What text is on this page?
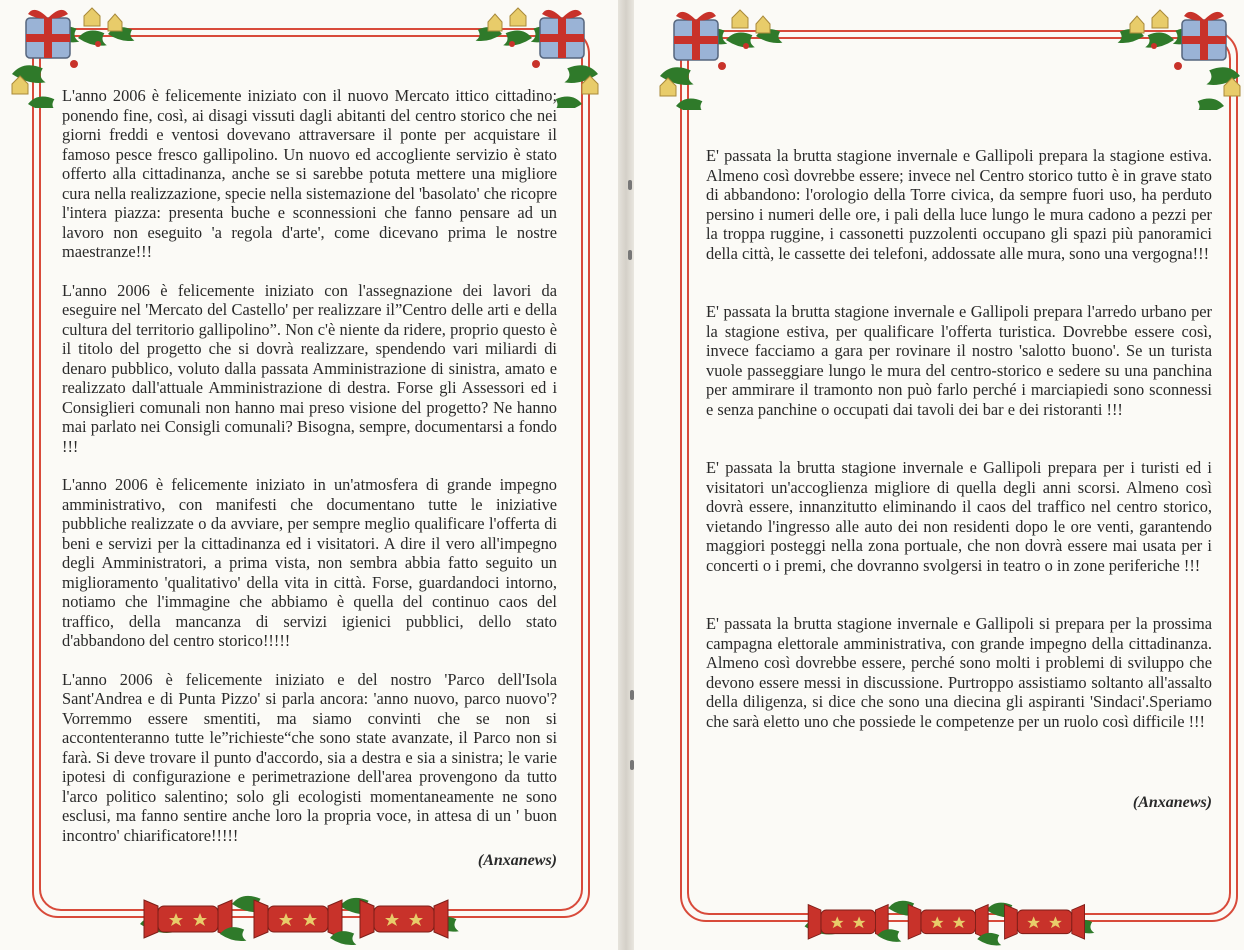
L'anno 2006 è felicemente iniziato con il nuovo Mercato ittico cittadino; ponendo fine, così, ai disagi vissuti dagli abitanti del centro storico che nei giorni freddi e ventosi dovevano attraversare il ponte per acquistare il famoso pesce fresco gallipolino. Un nuovo ed accogliente servizio è stato offerto alla cittadinanza, anche se si sarebbe potuta mettere una migliore cura nella realizzazione, specie nella sistemazione del 'basolato' che ricopre l'intera piazza: presenta buche e sconnessioni che fanno pensare ad un lavoro non eseguito 'a regola d'arte', come dicevano prima le nostre maestranze!!!

L'anno 2006 è felicemente iniziato con l'assegnazione dei lavori da eseguire nel 'Mercato del Castello' per realizzare il”Centro delle arti e della cultura del territorio gallipolino”. Non c'è niente da ridere, proprio questo è il titolo del progetto che si dovrà realizzare, spendendo vari miliardi di denaro pubblico, voluto dalla passata Amministrazione di sinistra, amato e realizzato dall'attuale Amministrazione di destra. Forse gli Assessori ed i Consiglieri comunali non hanno mai preso visione del progetto? Ne hanno mai parlato nei Consigli comunali? Bisogna, sempre, documentarsi a fondo !!!

L'anno 2006 è felicemente iniziato in un'atmosfera di grande impegno amministrativo, con manifesti che documentano tutte le iniziative pubbliche realizzate o da avviare, per sempre meglio qualificare l'offerta di beni e servizi per la cittadinanza ed i visitatori. A dire il vero all'impegno degli Amministratori, a prima vista, non sembra abbia fatto seguito un miglioramento 'qualitativo' della vita in città. Forse, guardandoci intorno, notiamo che l'immagine che abbiamo è quella del continuo caos del traffico, della mancanza di servizi igienici pubblici, dello stato d'abbandono del centro storico!!!!!

L'anno 2006 è felicemente iniziato e del nostro 'Parco dell'Isola Sant'Andrea e di Punta Pizzo' si parla ancora: 'anno nuovo, parco nuovo'? Vorremmo essere smentiti, ma siamo convinti che se non si accontenteranno tutte le”richieste“che sono state avanzate, il Parco non si farà. Si deve trovare il punto d'accordo, sia a destra e sia a sinistra; le varie ipotesi di configurazione e perimetrazione dell'area provengono da tutto l'arco politico salentino; solo gli ecologisti momentaneamente ne sono esclusi, ma fanno sentire anche loro la propria voce, in attesa di un ' buon incontro' chiarificatore!!!!!

(Anxanews)

E' passata la brutta stagione invernale e Gallipoli prepara la stagione estiva. Almeno così dovrebbe essere; invece nel Centro storico tutto è in grave stato di abbandono: l'orologio della Torre civica, da sempre fuori uso, ha perduto persino i numeri delle ore, i pali della luce lungo le mura cadono a pezzi per la troppa ruggine, i cassonetti puzzolenti occupano gli spazi più panoramici della città, le cassette dei telefoni, addossate alle mura, sono una vergogna!!!

E' passata la brutta stagione invernale e Gallipoli prepara l'arredo urbano per la stagione estiva, per qualificare l'offerta turistica. Dovrebbe essere così, invece facciamo a gara per rovinare il nostro 'salotto buono'. Se un turista vuole passeggiare lungo le mura del centro-storico e sedere su una panchina per ammirare il tramonto non può farlo perché i marciapiedi sono sconnessi e senza panchine o occupati dai tavoli dei bar e dei ristoranti !!!

E' passata la brutta stagione invernale e Gallipoli prepara per i turisti ed i visitatori un'accoglienza migliore di quella degli anni scorsi. Almeno così dovrà essere, innanzitutto eliminando il caos del traffico nel centro storico, vietando l'ingresso alle auto dei non residenti dopo le ore venti, garantendo maggiori posteggi nella zona portuale, che non dovrà essere mai usata per i concerti o i premi, che dovranno svolgersi in teatro o in zone periferiche !!!

E' passata la brutta stagione invernale e Gallipoli si prepara per la prossima campagna elettorale amministrativa, con grande impegno della cittadinanza. Almeno così dovrebbe essere, perché sono molti i problemi di sviluppo che devono essere messi in discussione. Purtroppo assistiamo soltanto all'assalto della diligenza, si dice che sono una diecina gli aspiranti 'Sindaci'.Speriamo che sarà eletto uno che possiede le competenze per un ruolo così difficile !!!

(Anxanews)
